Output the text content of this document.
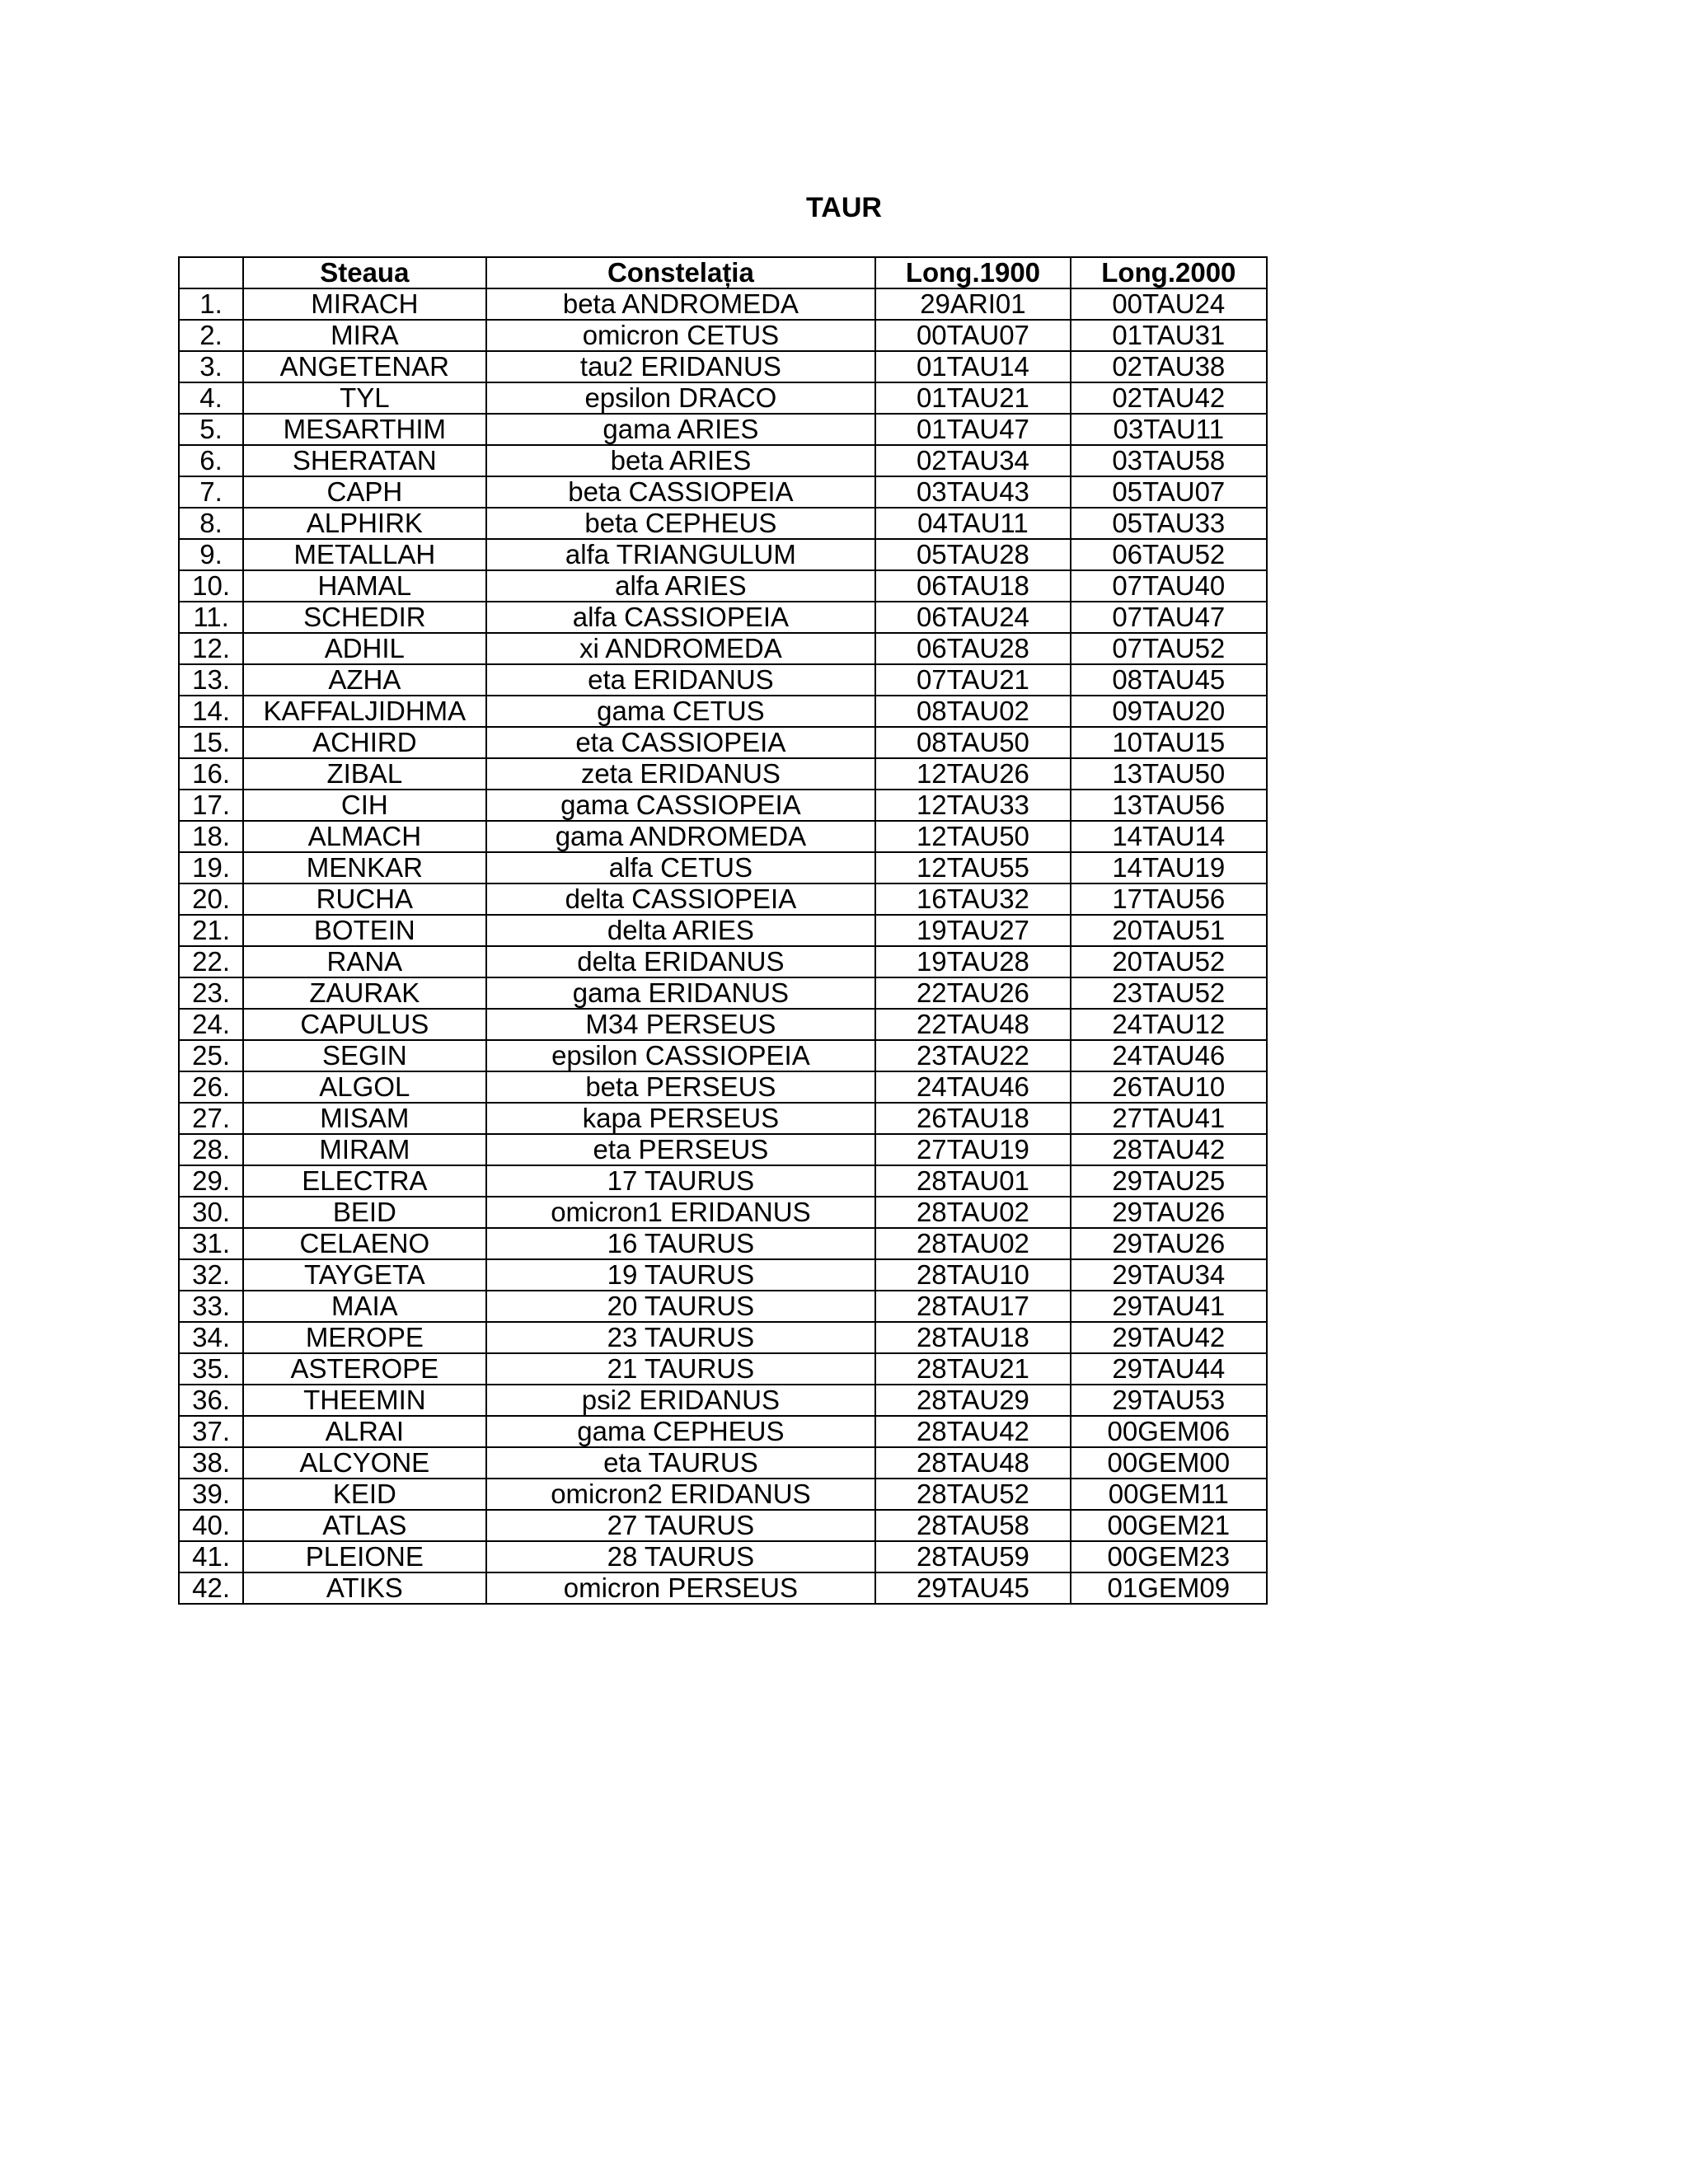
TAUR
	Steaua	Constelația	Long.1900	Long.2000
1.	MIRACH	beta ANDROMEDA	29ARI01	00TAU24
2.	MIRA	omicron CETUS	00TAU07	01TAU31
3.	ANGETENAR	tau2 ERIDANUS	01TAU14	02TAU38
4.	TYL	epsilon DRACO	01TAU21	02TAU42
5.	MESARTHIM	gama ARIES	01TAU47	03TAU11
6.	SHERATAN	beta ARIES	02TAU34	03TAU58
7.	CAPH	beta CASSIOPEIA	03TAU43	05TAU07
8.	ALPHIRK	beta CEPHEUS	04TAU11	05TAU33
9.	METALLAH	alfa TRIANGULUM	05TAU28	06TAU52
10.	HAMAL	alfa ARIES	06TAU18	07TAU40
11.	SCHEDIR	alfa CASSIOPEIA	06TAU24	07TAU47
12.	ADHIL	xi ANDROMEDA	06TAU28	07TAU52
13.	AZHA	eta ERIDANUS	07TAU21	08TAU45
14.	KAFFALJIDHMA	gama CETUS	08TAU02	09TAU20
15.	ACHIRD	eta CASSIOPEIA	08TAU50	10TAU15
16.	ZIBAL	zeta ERIDANUS	12TAU26	13TAU50
17.	CIH	gama CASSIOPEIA	12TAU33	13TAU56
18.	ALMACH	gama ANDROMEDA	12TAU50	14TAU14
19.	MENKAR	alfa CETUS	12TAU55	14TAU19
20.	RUCHA	delta CASSIOPEIA	16TAU32	17TAU56
21.	BOTEIN	delta ARIES	19TAU27	20TAU51
22.	RANA	delta ERIDANUS	19TAU28	20TAU52
23.	ZAURAK	gama ERIDANUS	22TAU26	23TAU52
24.	CAPULUS	M34 PERSEUS	22TAU48	24TAU12
25.	SEGIN	epsilon CASSIOPEIA	23TAU22	24TAU46
26.	ALGOL	beta PERSEUS	24TAU46	26TAU10
27.	MISAM	kapa PERSEUS	26TAU18	27TAU41
28.	MIRAM	eta PERSEUS	27TAU19	28TAU42
29.	ELECTRA	17 TAURUS	28TAU01	29TAU25
30.	BEID	omicron1 ERIDANUS	28TAU02	29TAU26
31.	CELAENO	16 TAURUS	28TAU02	29TAU26
32.	TAYGETA	19 TAURUS	28TAU10	29TAU34
33.	MAIA	20 TAURUS	28TAU17	29TAU41
34.	MEROPE	23 TAURUS	28TAU18	29TAU42
35.	ASTEROPE	21 TAURUS	28TAU21	29TAU44
36.	THEEMIN	psi2 ERIDANUS	28TAU29	29TAU53
37.	ALRAI	gama CEPHEUS	28TAU42	00GEM06
38.	ALCYONE	eta TAURUS	28TAU48	00GEM00
39.	KEID	omicron2 ERIDANUS	28TAU52	00GEM11
40.	ATLAS	27 TAURUS	28TAU58	00GEM21
41.	PLEIONE	28 TAURUS	28TAU59	00GEM23
42.	ATIKS	omicron PERSEUS	29TAU45	01GEM09
